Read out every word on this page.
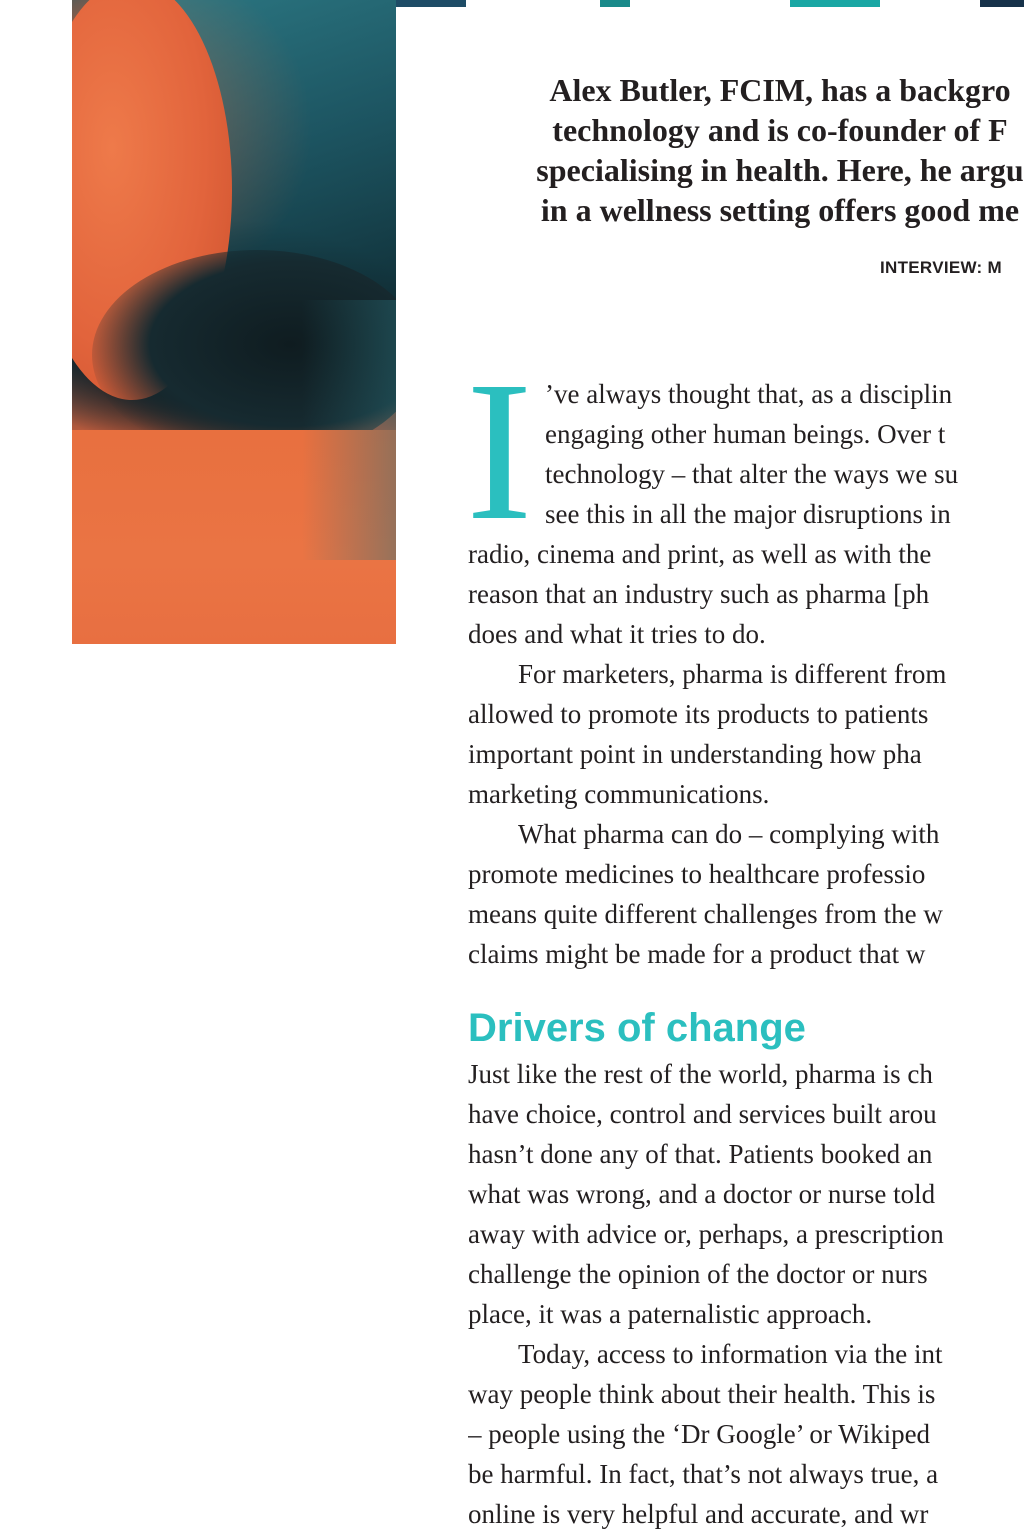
Alex Butler, FCIM, has a backgro
technology and is co-founder of F
specialising in health. Here, he argu
in a wellness setting offers good me
INTERVIEW: M
I ’ve always thought that, as a disciplin
engaging other human beings. Over t
technology – that alter the ways we su
see this in all the major disruptions in
radio, cinema and print, as well as with the
reason that an industry such as pharma [ph
does and what it tries to do.
For marketers, pharma is different from
allowed to promote its products to patients
important point in understanding how pha
marketing communications.
What pharma can do – complying with
promote medicines to healthcare professio
means quite different challenges from the w
claims might be made for a product that w
Drivers of change
Just like the rest of the world, pharma is ch
have choice, control and services built arou
hasn’t done any of that. Patients booked an
what was wrong, and a doctor or nurse told
away with advice or, perhaps, a prescription
challenge the opinion of the doctor or nurs
place, it was a paternalistic approach.
Today, access to information via the int
way people think about their health. This is
– people using the ‘Dr Google’ or Wikiped
be harmful. In fact, that’s not always true, a
online is very helpful and accurate, and wr
